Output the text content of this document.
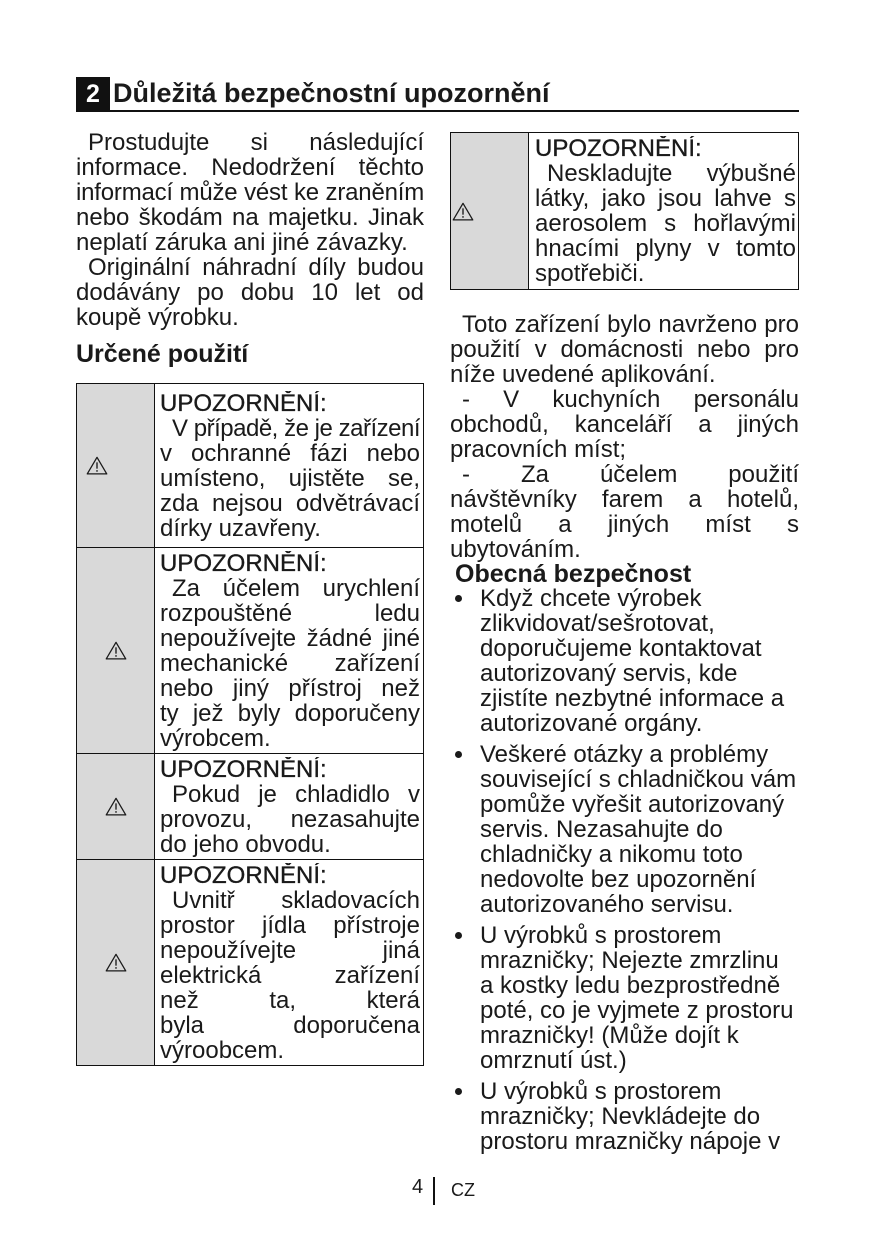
2 Důležitá bezpečnostní upozornění
Prostudujte si následující
informace. Nedodržení těchto
informací může vést ke zraněním
nebo škodám na majetku. Jinak
neplatí záruka ani jiné závazky.
Originální náhradní díly budou
dodávány po dobu 10 let od
koupě výrobku.
Určené použití
UPOZORNĚNÍ:
V případě, že je zařízení
v ochranné fázi nebo
umísteno, ujistěte se,
zda nejsou odvětrávací
dírky uzavřeny.
UPOZORNĚNÍ:
Za účelem urychlení
rozpouštěné ledu
nepoužívejte žádné jiné
mechanické zařízení
nebo jiný přístroj než
ty jež byly doporučeny
výrobcem.
UPOZORNĚNÍ:
Pokud je chladidlo v
provozu, nezasahujte
do jeho obvodu.
UPOZORNĚNÍ:
Uvnitř skladovacích
prostor jídla přístroje
nepoužívejte jiná
elektrická zařízení
než ta, která
byla doporučena
výroobcem.
UPOZORNĚNÍ:
Neskladujte výbušné
látky, jako jsou lahve s
aerosolem s hořlavými
hnacími plyny v tomto
spotřebiči.
Toto zařízení bylo navrženo pro
použití v domácnosti nebo pro
níže uvedené aplikování.
- V kuchyních personálu
obchodů, kanceláří a jiných
pracovních míst;
- Za účelem použití
návštěvníky farem a hotelů,
motelů a jiných míst s
ubytováním.
Obecná bezpečnost
Když chcete výrobek
zlikvidovat/sešrotovat,
doporučujeme kontaktovat
autorizovaný servis, kde
zjistíte nezbytné informace a
autorizované orgány.
Veškeré otázky a problémy
související s chladničkou vám
pomůže vyřešit autorizovaný
servis. Nezasahujte do
chladničky a nikomu toto
nedovolte bez upozornění
autorizovaného servisu.
U výrobků s prostorem
mrazničky; Nejezte zmrzlinu
a kostky ledu bezprostředně
poté, co je vyjmete z prostoru
mrazničky! (Může dojít k
omrznutí úst.)
U výrobků s prostorem
mrazničky; Nevkládejte do
prostoru mrazničky nápoje v
4 CZ
